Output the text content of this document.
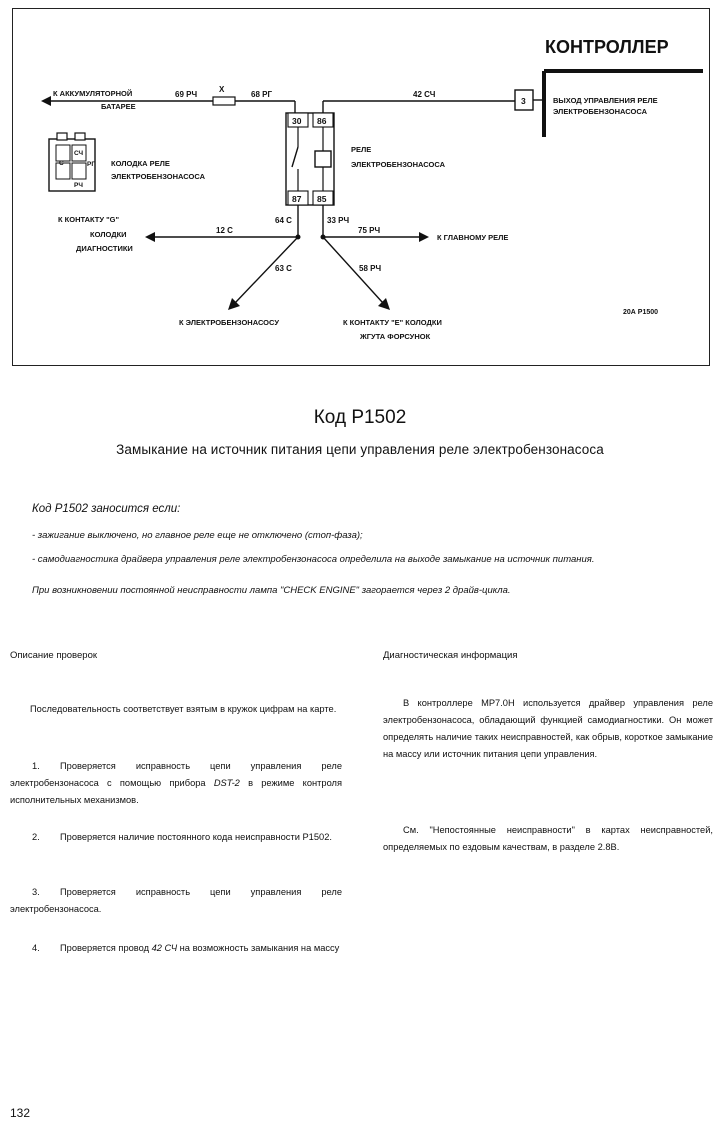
КОНТРОЛЛЕР
3	ВЫХОД УПРАВЛЕНИЯ РЕЛЕ
ЭЛЕКТРОБЕНЗОНАСОСА
К АККУМУЛЯТОРНОЙ
БАТАРЕЕ
69 РЧ
X
68 РГ	42 СЧ
30 86
87 85
РЕЛЕ
ЭЛЕКТРОБЕНЗОНАСОСА
С
СЧ
РГ
РЧ
КОЛОДКА РЕЛЕ
ЭЛЕКТРОБЕНЗОНАСОСА
64 С	33 РЧ
12 С
К КОНТАКТУ "G"
КОЛОДКИ
ДИАГНОСТИКИ
75 РЧ
К ГЛАВНОМУ РЕЛЕ
63 С
К ЭЛЕКТРОБЕНЗОНАСОСУ
58 РЧ
К КОНТАКТУ "E" КОЛОДКИ
ЖГУТА ФОРСУНОК
20А Р1500
Код Р1502
Замыкание на источник питания цепи управления реле электробензонасоса
Код Р1502 заносится если:
- зажигание выключено, но главное реле еще не отключено (стоп-фаза);
- самодиагностика драйвера управления реле электробензонасоса определила на выходе замыкание на источник питания.
При возникновении постоянной неисправности лампа "CHECK ENGINE" загорается через 2 драйв-цикла.
Описание проверок	Диагностическая информация
Последовательность соответствует взятым в кружок цифрам на карте.
1. Проверяется исправность цепи управления реле электробензонасоса с помощью прибора DST-2 в режиме контроля исполнительных механизмов.
2. Проверяется наличие постоянного кода неисправности Р1502.
3. Проверяется исправность цепи управления реле электробензонасоса.
4. Проверяется провод 42 СЧ на возможность замыкания на массу
В контроллере МР7.0Н используется драйвер управления реле электробензонасоса, обладающий функцией самодиагностики. Он может определять наличие таких неисправностей, как обрыв, короткое замыкание на массу или источник питания цепи управления.
См. "Непостоянные неисправности" в картах неисправностей, определяемых по ездовым качествам, в разделе 2.8В.
132
